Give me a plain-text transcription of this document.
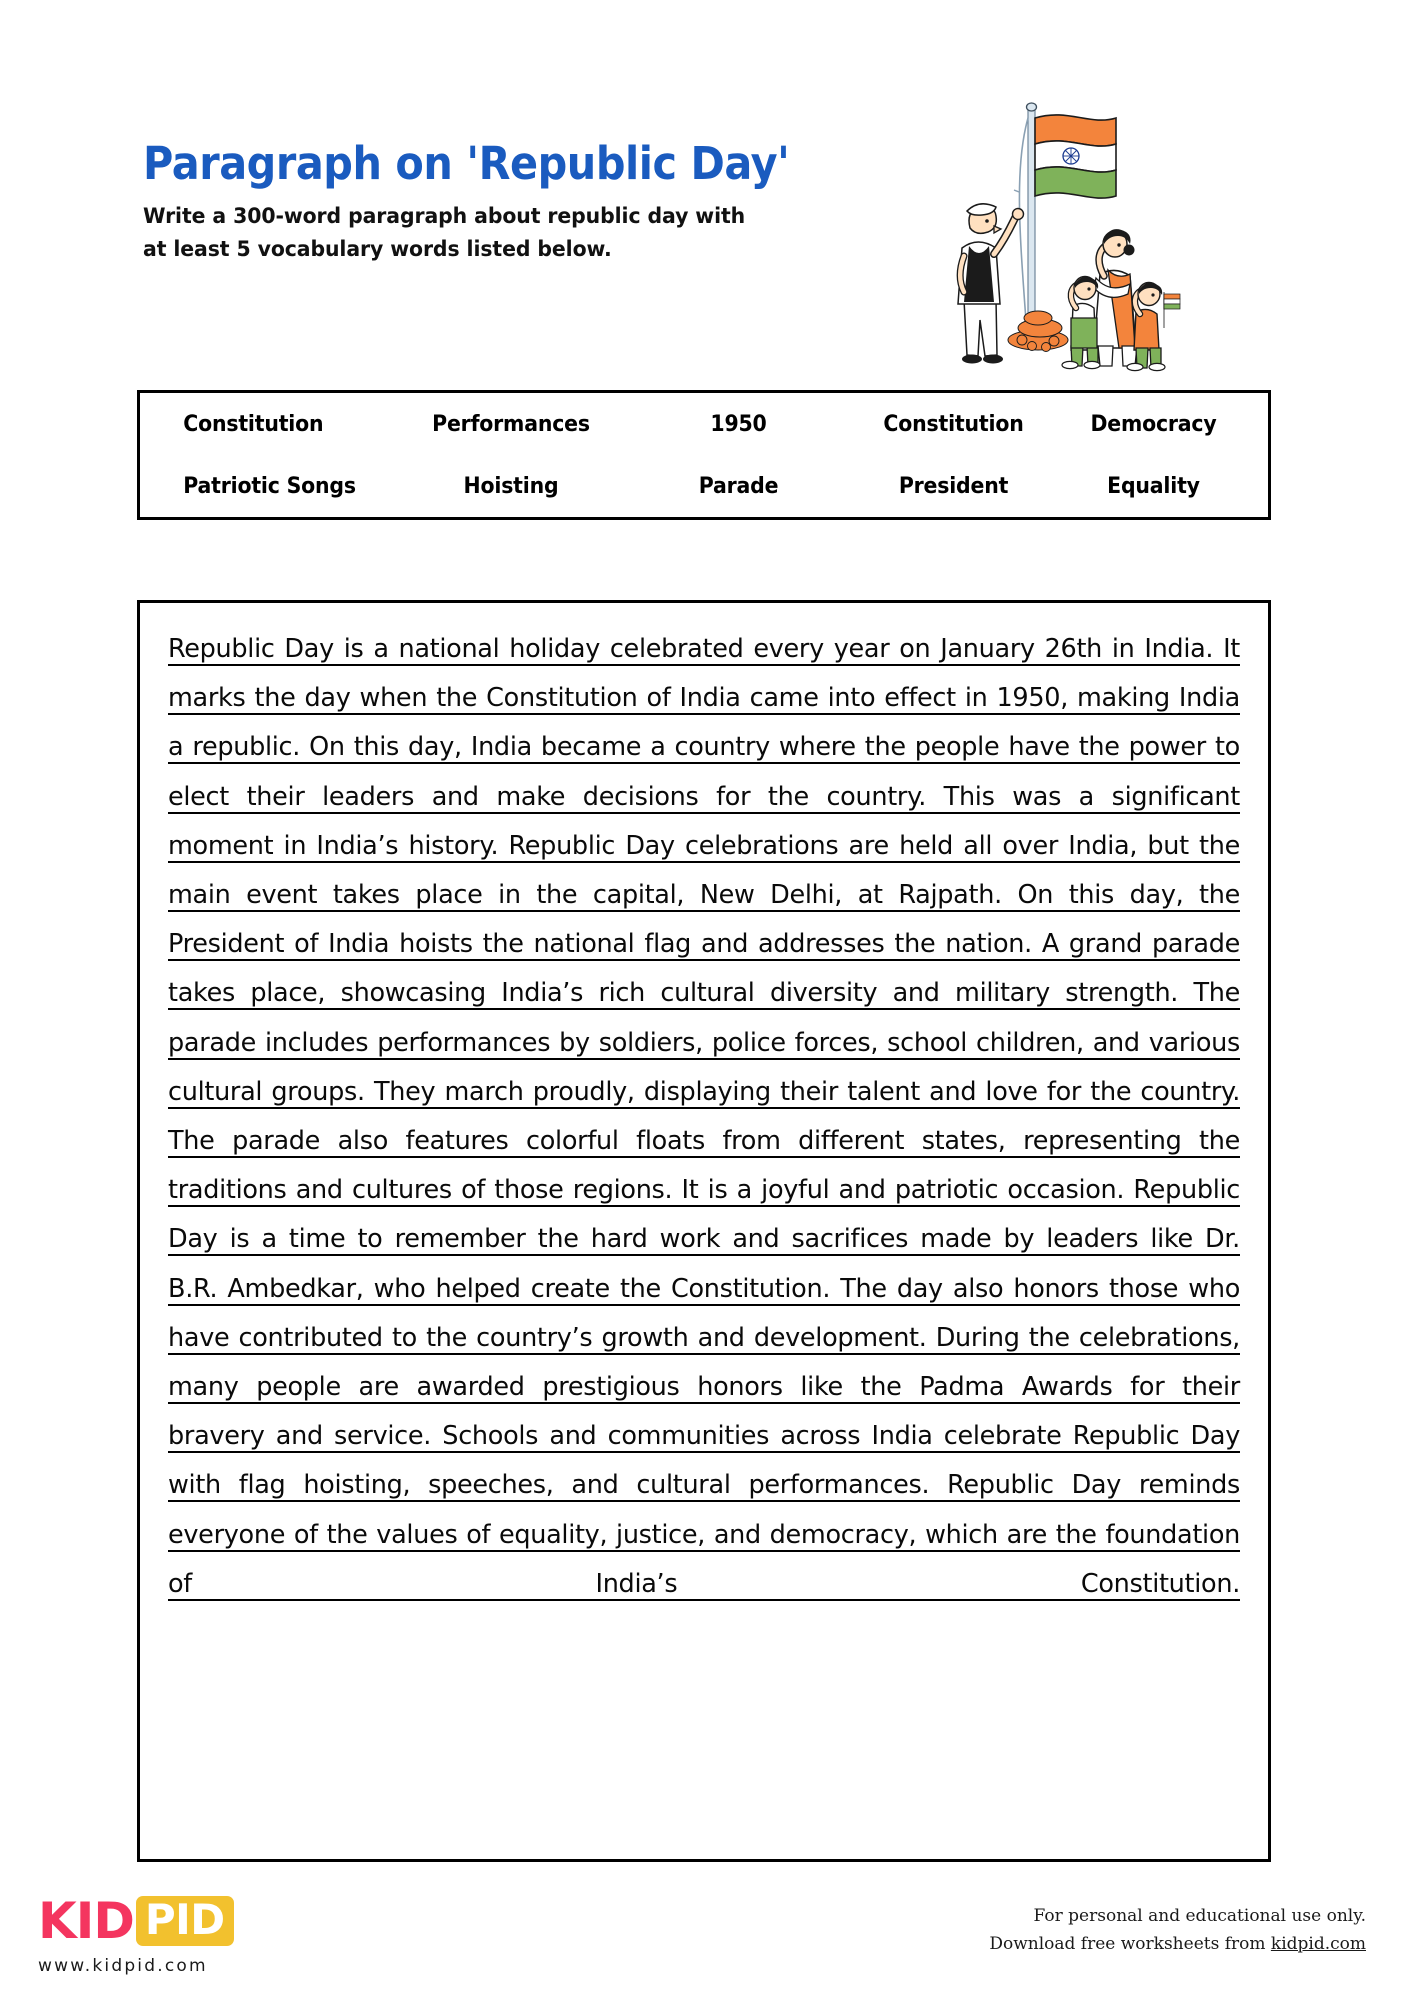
Paragraph on 'Republic Day'
Write a 300-word paragraph about republic day with at least 5 vocabulary words listed below.
Constitution	Performances	1950	Constitution	Democracy
Patriotic Songs	Hoisting	Parade	President	Equality
Republic Day is a national holiday celebrated every year on January 26th in India. It marks the day when the Constitution of India came into effect in 1950, making India a republic. On this day, India became a country where the people have the power to elect their leaders and make decisions for the country. This was a significant moment in India’s history. Republic Day celebrations are held all over India, but the main event takes place in the capital, New Delhi, at Rajpath. On this day, the President of India hoists the national flag and addresses the nation. A grand parade takes place, showcasing India’s rich cultural diversity and military strength. The parade includes performances by soldiers, police forces, school children, and various cultural groups. They march proudly, displaying their talent and love for the country. The parade also features colorful floats from different states, representing the traditions and cultures of those regions. It is a joyful and patriotic occasion. Republic Day is a time to remember the hard work and sacrifices made by leaders like Dr. B.R. Ambedkar, who helped create the Constitution. The day also honors those who have contributed to the country’s growth and development. During the celebrations, many people are awarded prestigious honors like the Padma Awards for their bravery and service. Schools and communities across India celebrate Republic Day with flag hoisting, speeches, and cultural performances. Republic Day reminds everyone of the values of equality, justice, and democracy, which are the foundation of India’s Constitution.
KID PID
www.kidpid.com
For personal and educational use only.
Download free worksheets from kidpid.com
